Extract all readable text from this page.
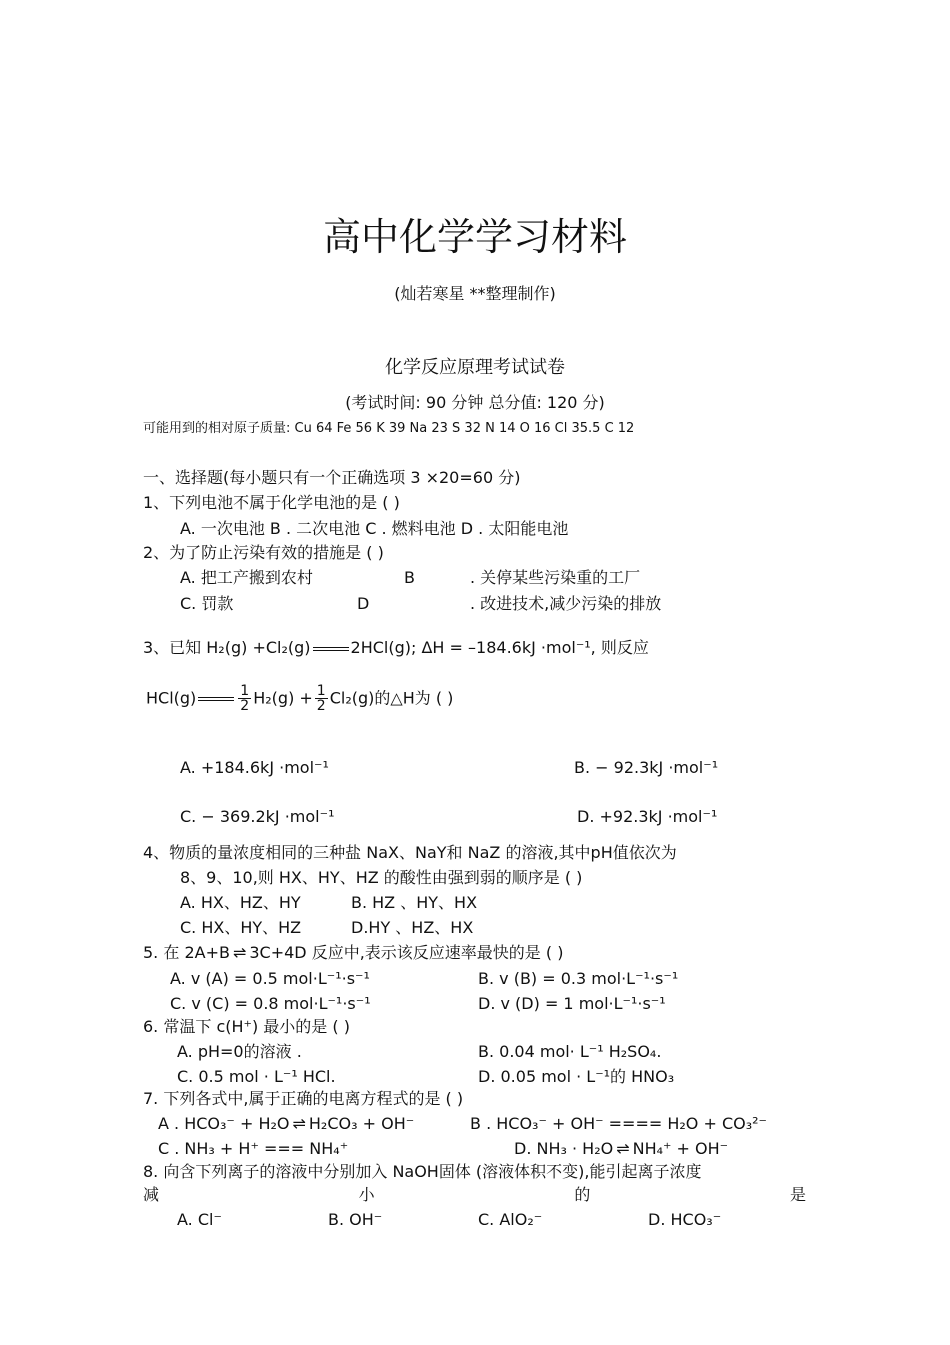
高中化学学习材料
(灿若寒星 **整理制作)
化学反应原理考试试卷
(考试时间: 90 分钟 总分值: 120 分)
可能用到的相对原子质量: Cu 64 Fe 56 K 39 Na 23 S 32 N 14 O 16 Cl 35.5 C 12
一、选择题(每小题只有一个正确选项 3 ×20=60 分)
1、下列电池不属于化学电池的是 ( )
A. 一次电池 B . 二次电池 C . 燃料电池 D . 太阳能电池
2、为了防止污染有效的措施是 ( )
A. 把工产搬到农村	B	. 关停某些污染重的工厂
C. 罚款	D	. 改进技术,减少污染的排放
3、已知 H₂(g) +Cl₂(g)	2HCl(g); ΔH = –184.6kJ ·mol⁻¹, 则反应
HCl(g)	$\frac{1}{2} H_2(g) + \frac{1}{2} Cl_2(g)$的△H为 ( )
A. +184.6kJ ·mol⁻¹	B. − 92.3kJ ·mol⁻¹
C. − 369.2kJ ·mol⁻¹	D. +92.3kJ ·mol⁻¹
4、物质的量浓度相同的三种盐 NaX、NaY和 NaZ 的溶液,其中pH值依次为
8、9、10,则 HX、HY、HZ 的酸性由强到弱的顺序是 ( )
A. HX、HZ、HY	B. HZ 、HY、HX
C. HX、HY、HZ	D.HY 、HZ、HX
5. 在 2A+B ⇌ 3C+4D 反应中,表示该反应速率最快的是 ( )
A. v (A) = 0.5 mol·L⁻¹·s⁻¹	B. v (B) = 0.3 mol·L⁻¹·s⁻¹
C. v (C) = 0.8 mol·L⁻¹·s⁻¹	D. v (D) = 1 mol·L⁻¹·s⁻¹
6. 常温下 c(H⁺) 最小的是 ( )
A. pH=0的溶液 .	B. 0.04 mol· L⁻¹ H₂SO₄.
C. 0.5 mol · L⁻¹ HCl.	D. 0.05 mol · L⁻¹的 HNO₃
7. 下列各式中,属于正确的电离方程式的是 ( )
A . HCO₃⁻ + H₂O ⇌ H₂CO₃ + OH⁻	B . HCO₃⁻ + OH⁻ ==== H₂O + CO₃²⁻
C . NH₃ + H⁺ === NH₄⁺	D. NH₃ · H₂O ⇌ NH₄⁺ + OH⁻
8. 向含下列离子的溶液中分别加入 NaOH固体 (溶液体积不变),能引起离子浓度
减	小	的	是
A. Cl⁻	B. OH⁻	C. AlO₂⁻	D. HCO₃⁻
